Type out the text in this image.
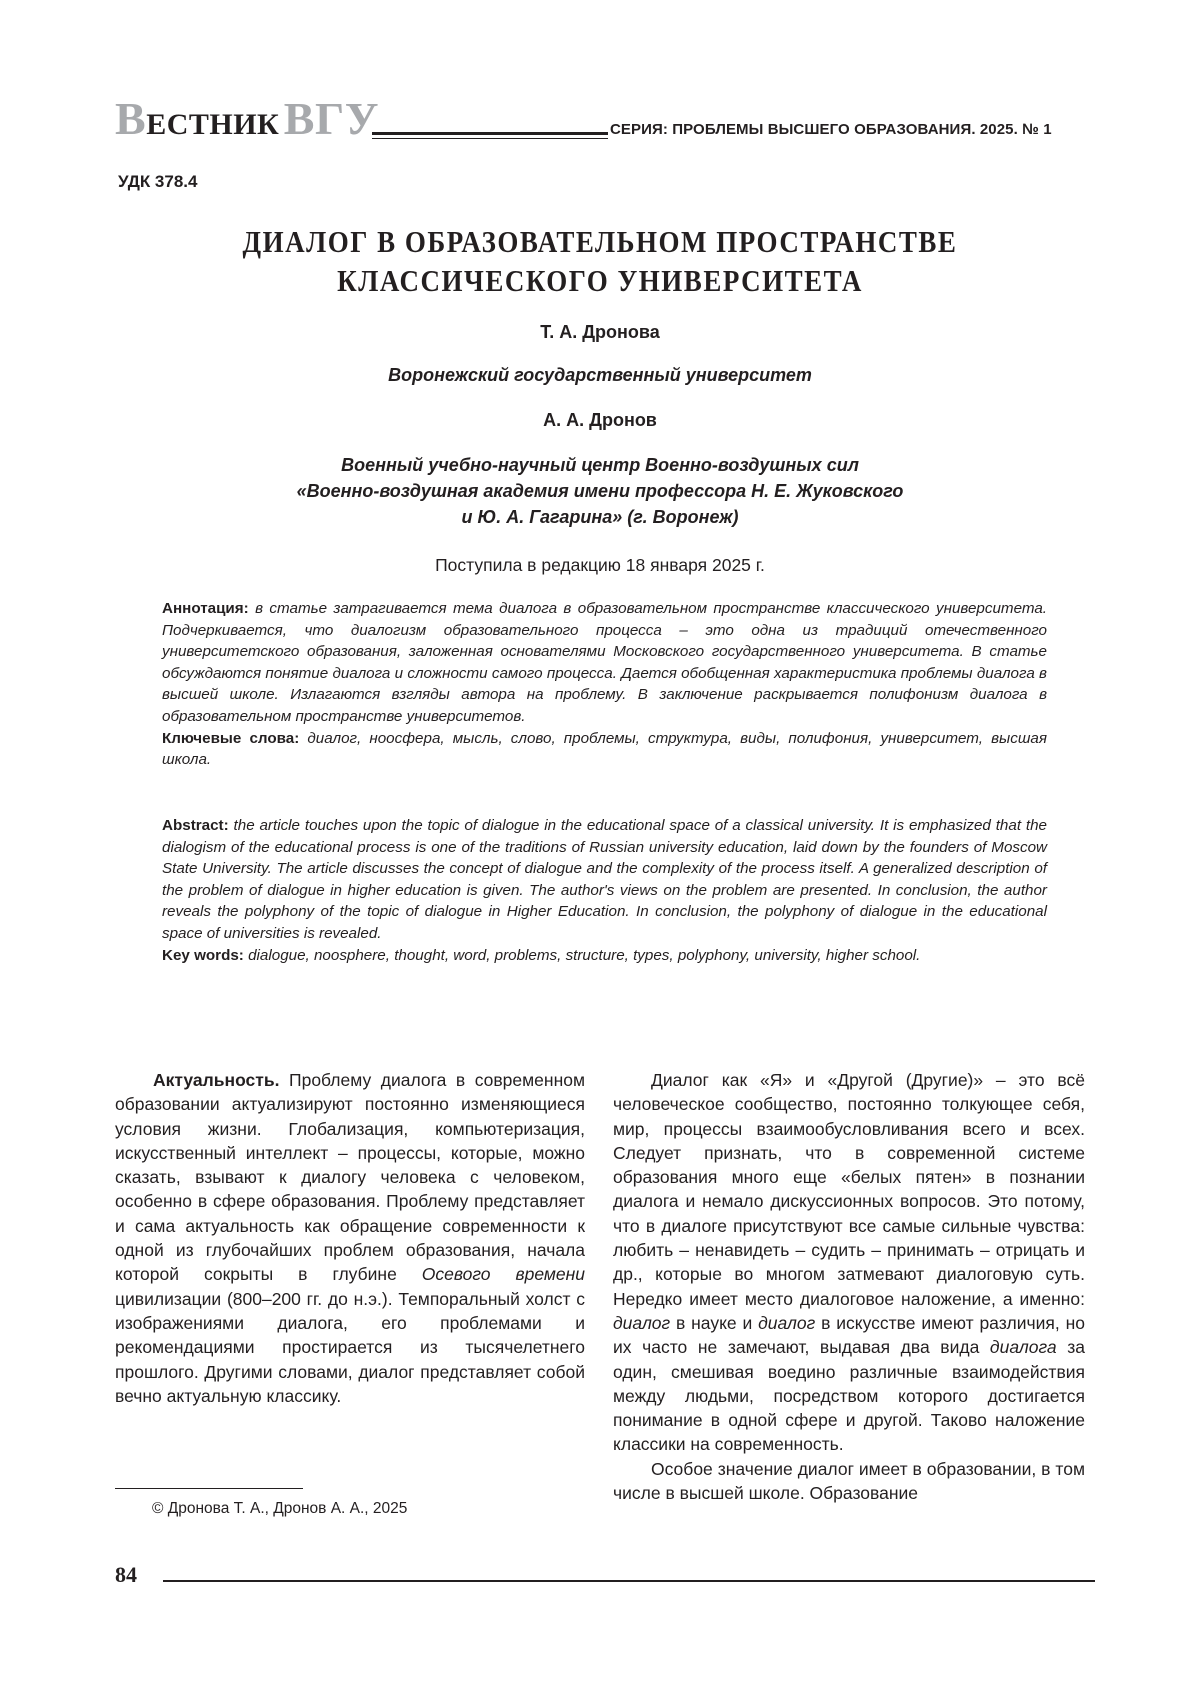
ВЕСТНИК ВГУ	СЕРИЯ: ПРОБЛЕМЫ ВЫСШЕГО ОБРАЗОВАНИЯ. 2025. № 1
УДК 378.4
ДИАЛОГ В ОБРАЗОВАТЕЛЬНОМ ПРОСТРАНСТВЕ
КЛАССИЧЕСКОГО УНИВЕРСИТЕТА
Т. А. Дронова
Воронежский государственный университет
А. А. Дронов
Военный учебно-научный центр Военно-воздушных сил
«Военно-воздушная академия имени профессора Н. Е. Жуковского
и Ю. А. Гагарина» (г. Воронеж)
Поступила в редакцию 18 января 2025 г.
Аннотация: в статье затрагивается тема диалога в образовательном пространстве классического университета. Подчеркивается, что диалогизм образовательного процесса – это одна из традиций отечественного университетского образования, заложенная основателями Московского государственного университета. В статье обсуждаются понятие диалога и сложности самого процесса. Дается обобщенная характеристика проблемы диалога в высшей школе. Излагаются взгляды автора на проблему. В заключение раскрывается полифонизм диалога в образовательном пространстве университетов.
Ключевые слова: диалог, ноосфера, мысль, слово, проблемы, структура, виды, полифония, университет, высшая школа.
Abstract: the article touches upon the topic of dialogue in the educational space of a classical university. It is emphasized that the dialogism of the educational process is one of the traditions of Russian university education, laid down by the founders of Moscow State University. The article discusses the concept of dialogue and the complexity of the process itself. A generalized description of the problem of dialogue in higher education is given. The author's views on the problem are presented. In conclusion, the author reveals the polyphony of the topic of dialogue in Higher Education. In conclusion, the polyphony of dialogue in the educational space of universities is revealed.
Key words: dialogue, noosphere, thought, word, problems, structure, types, polyphony, university, higher school.
Актуальность. Проблему диалога в современном образовании актуализируют постоянно изменяющиеся условия жизни. Глобализация, компьютеризация, искусственный интеллект – процессы, которые, можно сказать, взывают к диалогу человека с человеком, особенно в сфере образования. Проблему представляет и сама актуальность как обращение современности к одной из глубочайших проблем образования, начала которой сокрыты в глубине Осевого времени цивилизации (800–200 гг. до н.э.). Темпоральный холст с изображениями диалога, его проблемами и рекомендациями простирается из тысячелетнего прошлого. Другими словами, диалог представляет собой вечно актуальную классику.
Диалог как «Я» и «Другой (Другие)» – это всё человеческое сообщество, постоянно толкующее себя, мир, процессы взаимообусловливания всего и всех. Следует признать, что в современной системе образования много еще «белых пятен» в познании диалога и немало дискуссионных вопросов. Это потому, что в диалоге присутствуют все самые сильные чувства: любить – ненавидеть – судить – принимать – отрицать и др., которые во многом затмевают диалоговую суть. Нередко имеет место диалоговое наложение, а именно: диалог в науке и диалог в искусстве имеют различия, но их часто не замечают, выдавая два вида диалога за один, смешивая воедино различные взаимодействия между людьми, посредством которого достигается понимание в одной сфере и другой. Таково наложение классики на современность.
Особое значение диалог имеет в образовании, в том числе в высшей школе. Образование
© Дронова Т. А., Дронов А. А., 2025
84
